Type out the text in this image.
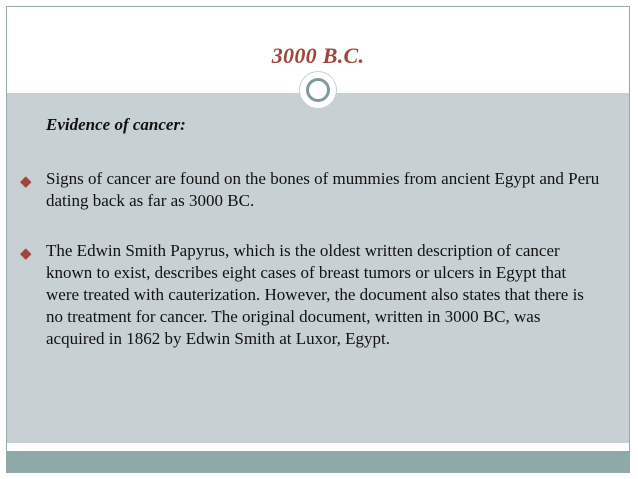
3000 B.C.
Evidence of cancer:
◆ Signs of cancer are found on the bones of mummies from ancient Egypt and Peru dating back as far as 3000 BC.
◆ The Edwin Smith Papyrus, which is the oldest written description of cancer known to exist, describes eight cases of breast tumors or ulcers in Egypt that were treated with cauterization. However, the document also states that there is no treatment for cancer. The original document, written in 3000 BC, was acquired in 1862 by Edwin Smith at Luxor, Egypt.
